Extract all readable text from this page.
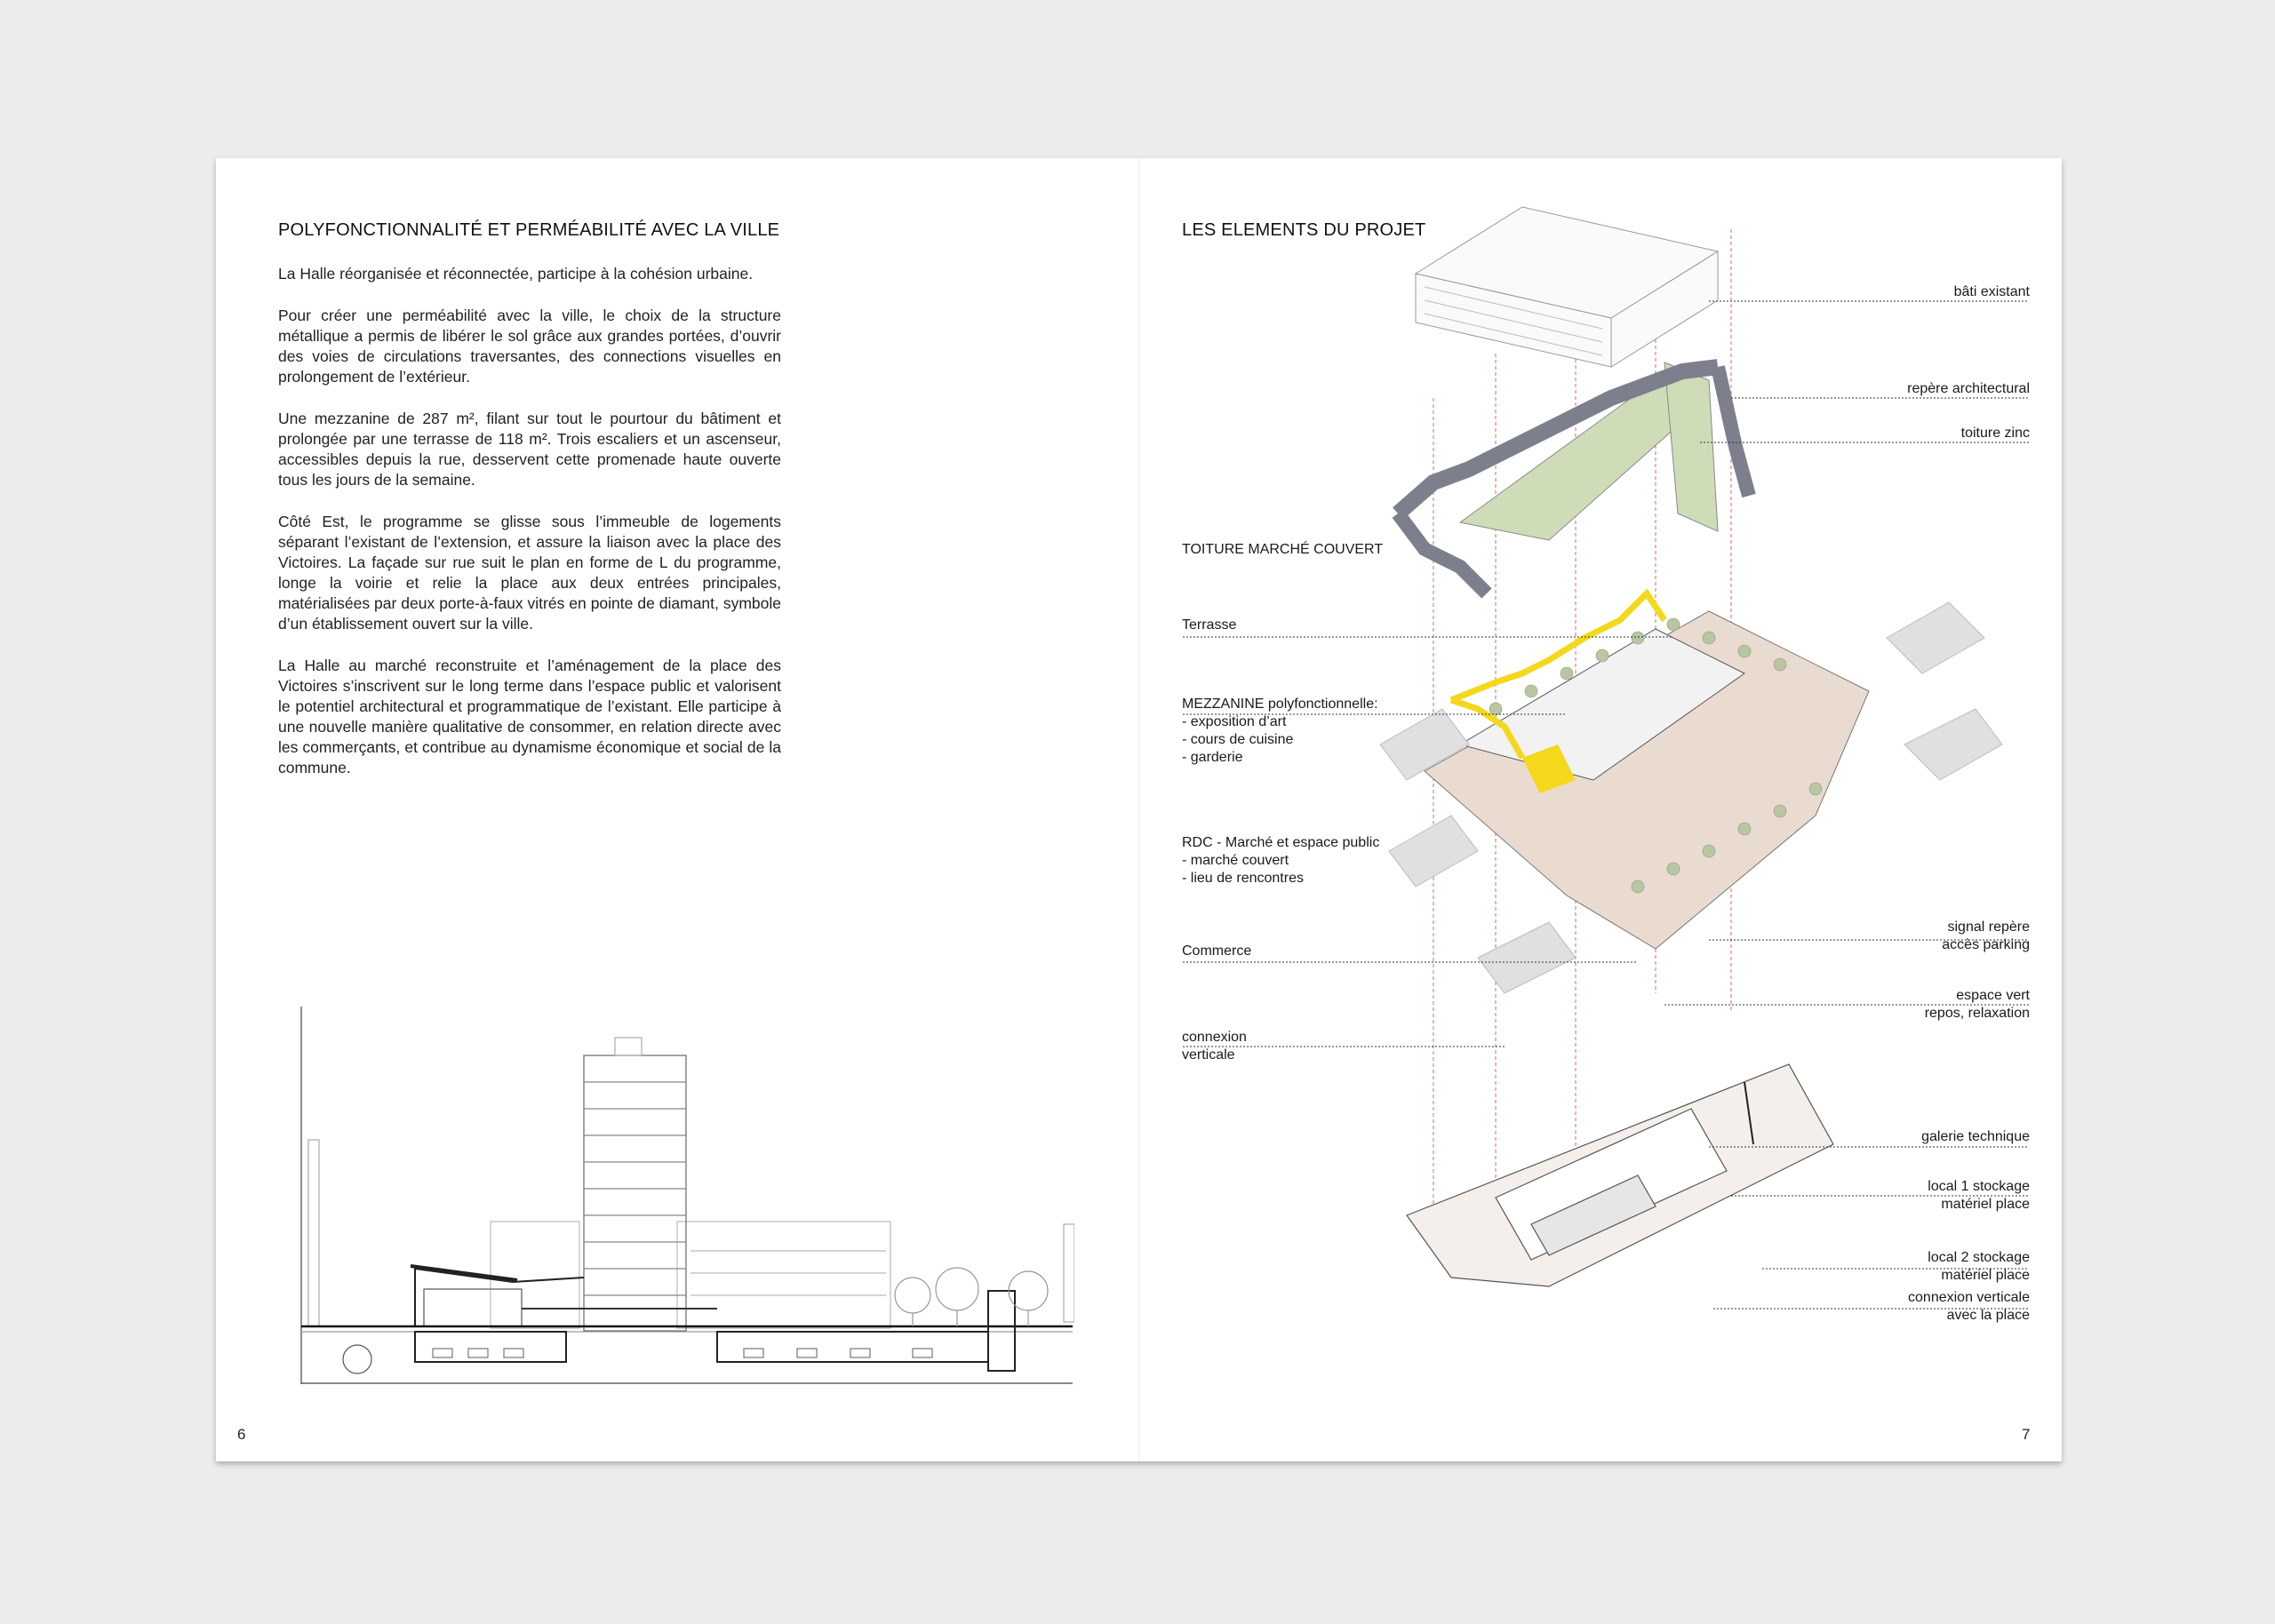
POLYFONCTIONNALITÉ ET PERMÉABILITÉ AVEC LA VILLE

La Halle réorganisée et réconnectée, participe à la cohésion urbaine.

Pour créer une perméabilité avec la ville, le choix de la structure métallique a permis de libérer le sol grâce aux grandes portées, d’ouvrir des voies de circulations traversantes, des connections visuelles en prolongement de l’extérieur.

Une mezzanine de 287 m², filant sur tout le pourtour du bâtiment et prolongée par une terrasse de 118 m². Trois escaliers et un ascenseur, accessibles depuis la rue, desservent cette promenade haute ouverte tous les jours de la semaine.

Côté Est, le programme se glisse sous l’immeuble de logements séparant l’existant de l’extension, et assure la liaison avec la place des Victoires. La façade sur rue suit le plan en forme de L du programme, longe la voirie et relie la place aux deux entrées principales, matérialisées par deux porte-à-faux vitrés en pointe de diamant, symbole d’un établissement ouvert sur la ville.

La Halle au marché reconstruite et l’aménagement de la place des Victoires s’inscrivent sur le long terme dans l’espace public et valorisent le potentiel architectural et programmatique de l’existant. Elle participe à une nouvelle manière qualitative de consommer, en relation directe avec les commerçants, et contribue au dynamisme économique et social de la commune.

6
LES ELEMENTS DU PROJET
7
TOITURE MARCHÉ COUVERT
Terrasse
MEZZANINE polyfonctionnelle:
- exposition d’art
- cours de cuisine
- garderie
RDC - Marché et espace public
- marché couvert
- lieu de rencontres
Commerce
connexion
verticale
bâti existant
repère architectural
toiture zinc
signal repère
accès parking
espace vert
repos, relaxation
galerie technique
local 1 stockage
matériel place
local 2 stockage
matériel place
connexion verticale
avec la place
